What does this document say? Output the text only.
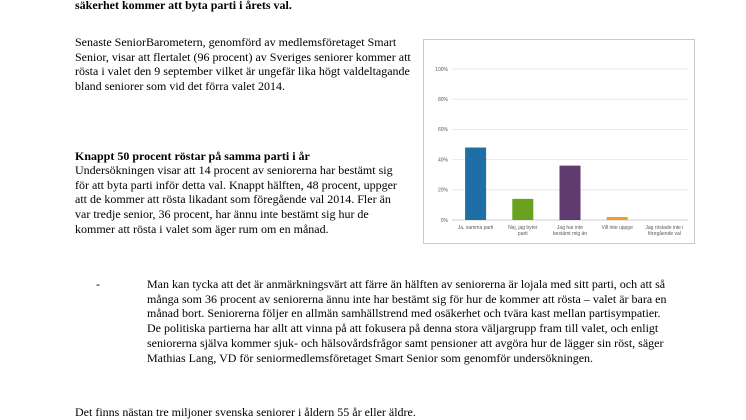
säkerhet kommer att byta parti i årets val.

Senaste SeniorBarometern, genomförd av medlemsföretaget Smart Senior, visar att flertalet (96 procent) av Sveriges seniorer kommer att rösta i valet den 9 september vilket är ungefär lika högt valdeltagande bland seniorer som vid det förra valet 2014.

Knappt 50 procent röstar på samma parti i år

Undersökningen visar att 14 procent av seniorerna har bestämt sig för att byta parti inför detta val. Knappt hälften, 48 procent, uppger att de kommer att rösta likadant som föregående val 2014. Fler än var tredje senior, 36 procent, har ännu inte bestämt sig hur de kommer att rösta i valet som äger rum om en månad.

-	Man kan tycka att det är anmärkningsvärt att färre än hälften av seniorerna är lojala med sitt parti, och att så många som 36 procent av seniorerna ännu inte har bestämt sig för hur de kommer att rösta – valet är bara en månad bort. Seniorerna följer en allmän samhällstrend med osäkerhet och tvära kast mellan partisympatier. De politiska partierna har allt att vinna på att fokusera på denna stora väljargrupp fram till valet, och enligt seniorerna själva kommer sjuk- och hälsovårdsfrågor samt pensioner att avgöra hur de lägger sin röst, säger Mathias Lang, VD för seniormedlemsföretaget Smart Senior som genomför undersökningen.

Det finns nästan tre miljoner svenska seniorer i åldern 55 år eller äldre.

0%
20%
40%
60%
80%
100%
Ja, samma parti	Nej, jag byter
parti
Jag har inte
bestämt mig än
Vill inte uppge Jag röstade inte i
föregående val
